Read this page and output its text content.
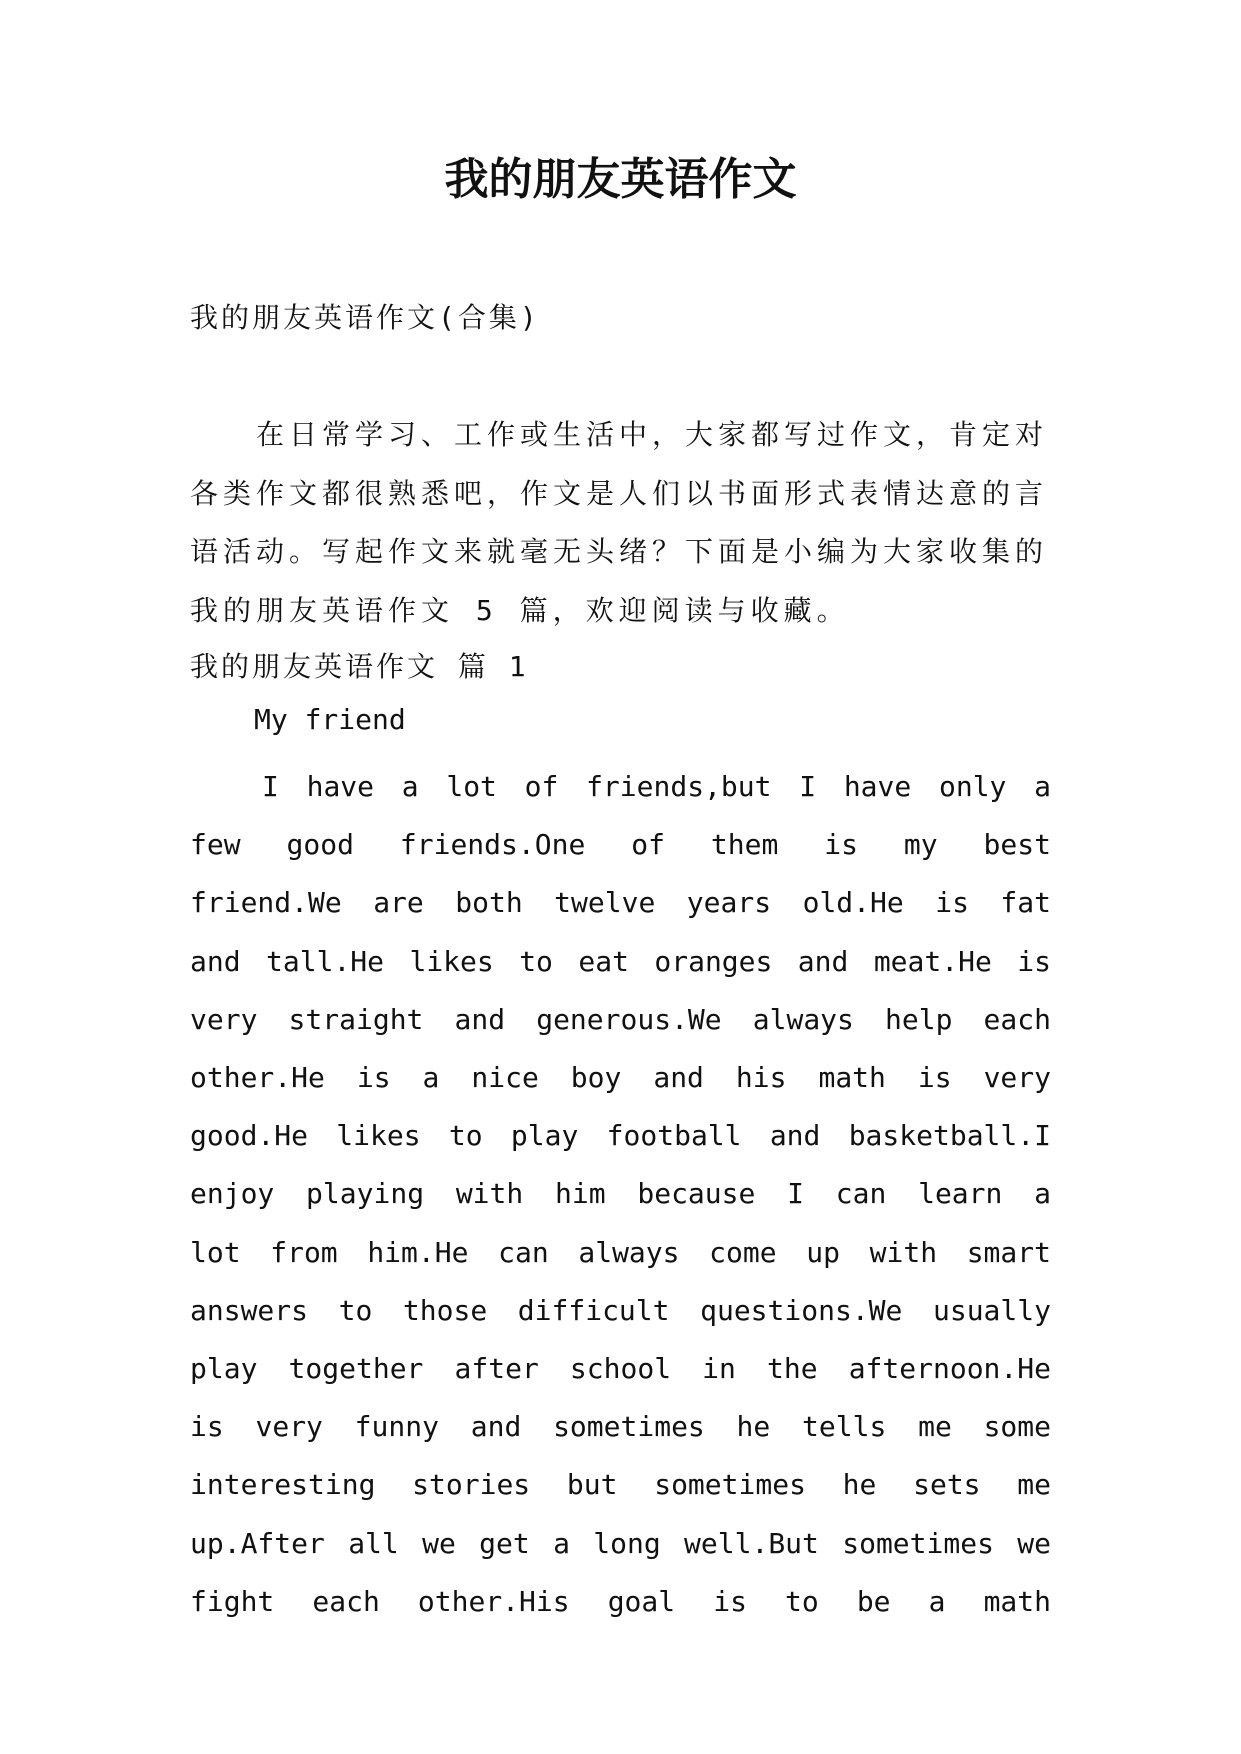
我的朋友英语作文

我的朋友英语作文(合集)

在日常学习、工作或生活中，大家都写过作文，肯定对各类作文都很熟悉吧，作文是人们以书面形式表情达意的言语活动。写起作文来就毫无头绪？下面是小编为大家收集的我的朋友英语作文 5 篇，欢迎阅读与收藏。

我的朋友英语作文 篇 1

My friend

I have a lot of friends,but I have only a few good friends.One of them is my best friend.We are both twelve years old.He is fat and tall.He likes to eat oranges and meat.He is very straight and generous.We always help each other.He is a nice boy and his math is very good.He likes to play football and basketball.I enjoy playing with him because I can learn a lot from him.He can always come up with smart answers to those difficult questions.We usually play together after school in the afternoon.He is very funny and sometimes he tells me some interesting stories but sometimes he sets me up.After all we get a long well.But sometimes we fight each other.His goal is to be a math
